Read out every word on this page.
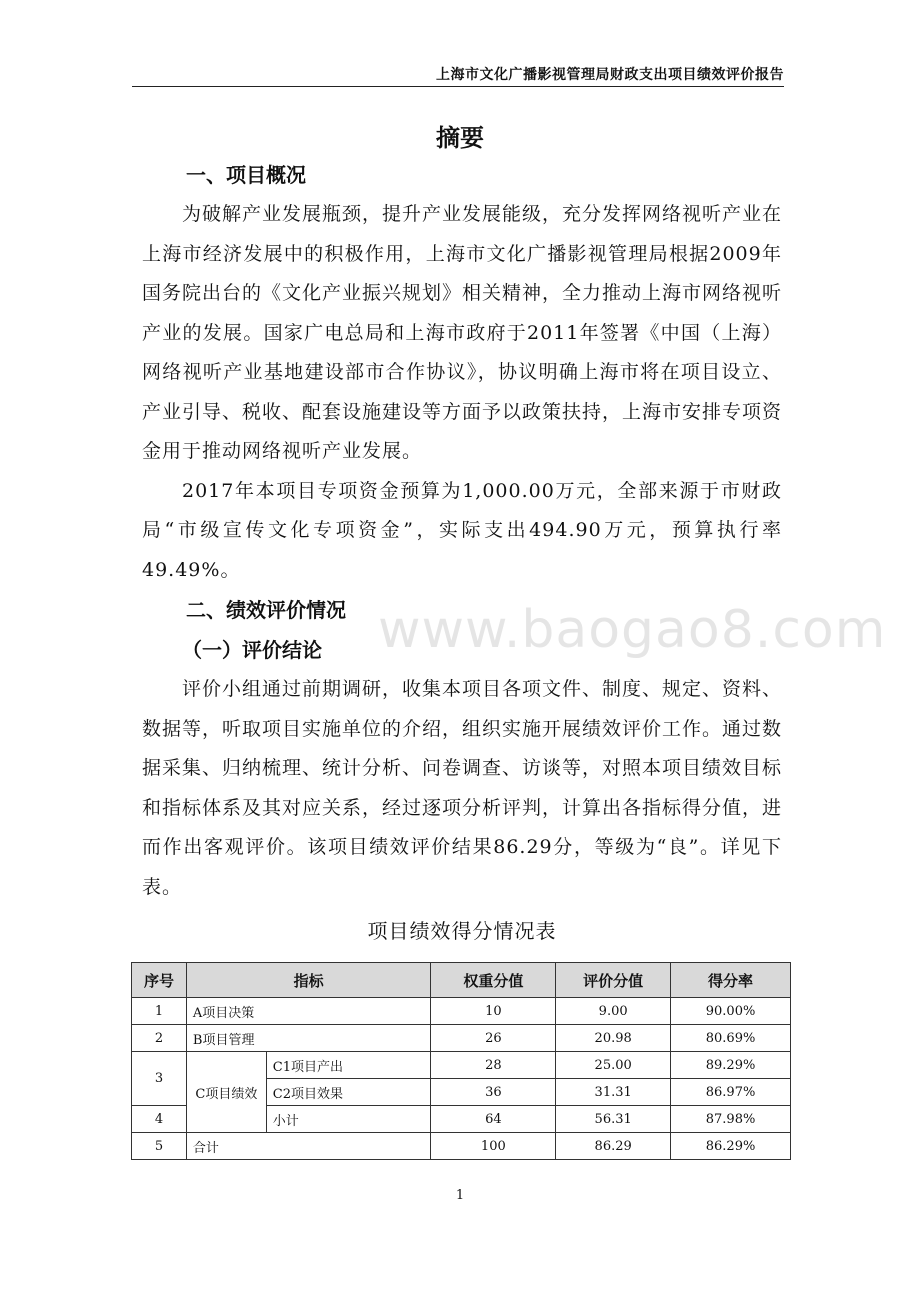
上海市文化广播影视管理局财政支出项目绩效评价报告
摘要
www.baogao8.com
一、项目概况

为破解产业发展瓶颈，提升产业发展能级，充分发挥网络视听产业在上海市经济发展中的积极作用，上海市文化广播影视管理局根据2009年国务院出台的《文化产业振兴规划》相关精神，全力推动上海市网络视听产业的发展。国家广电总局和上海市政府于2011年签署《中国（上海）网络视听产业基地建设部市合作协议》，协议明确上海市将在项目设立、产业引导、税收、配套设施建设等方面予以政策扶持，上海市安排专项资金用于推动网络视听产业发展。

2017年本项目专项资金预算为1,000.00万元，全部来源于市财政局“市级宣传文化专项资金”，实际支出494.90万元，预算执行率49.49%。

二、绩效评价情况
（一）评价结论

评价小组通过前期调研，收集本项目各项文件、制度、规定、资料、数据等，听取项目实施单位的介绍，组织实施开展绩效评价工作。通过数据采集、归纳梳理、统计分析、问卷调查、访谈等，对照本项目绩效目标和指标体系及其对应关系，经过逐项分析评判，计算出各指标得分值，进而作出客观评价。该项目绩效评价结果86.29分，等级为“良”。详见下表。

项目绩效得分情况表
序号	指标		权重分值	评价分值	得分率
1	A项目决策		10	9.00	90.00%
2	B项目管理		26	20.98	80.69%
3	C项目绩效	C1项目产出	28	25.00	89.29%
		C2项目效果	36	31.31	86.97%
4		小计	64	56.31	87.98%
5	合计		100	86.29	86.29%
1
